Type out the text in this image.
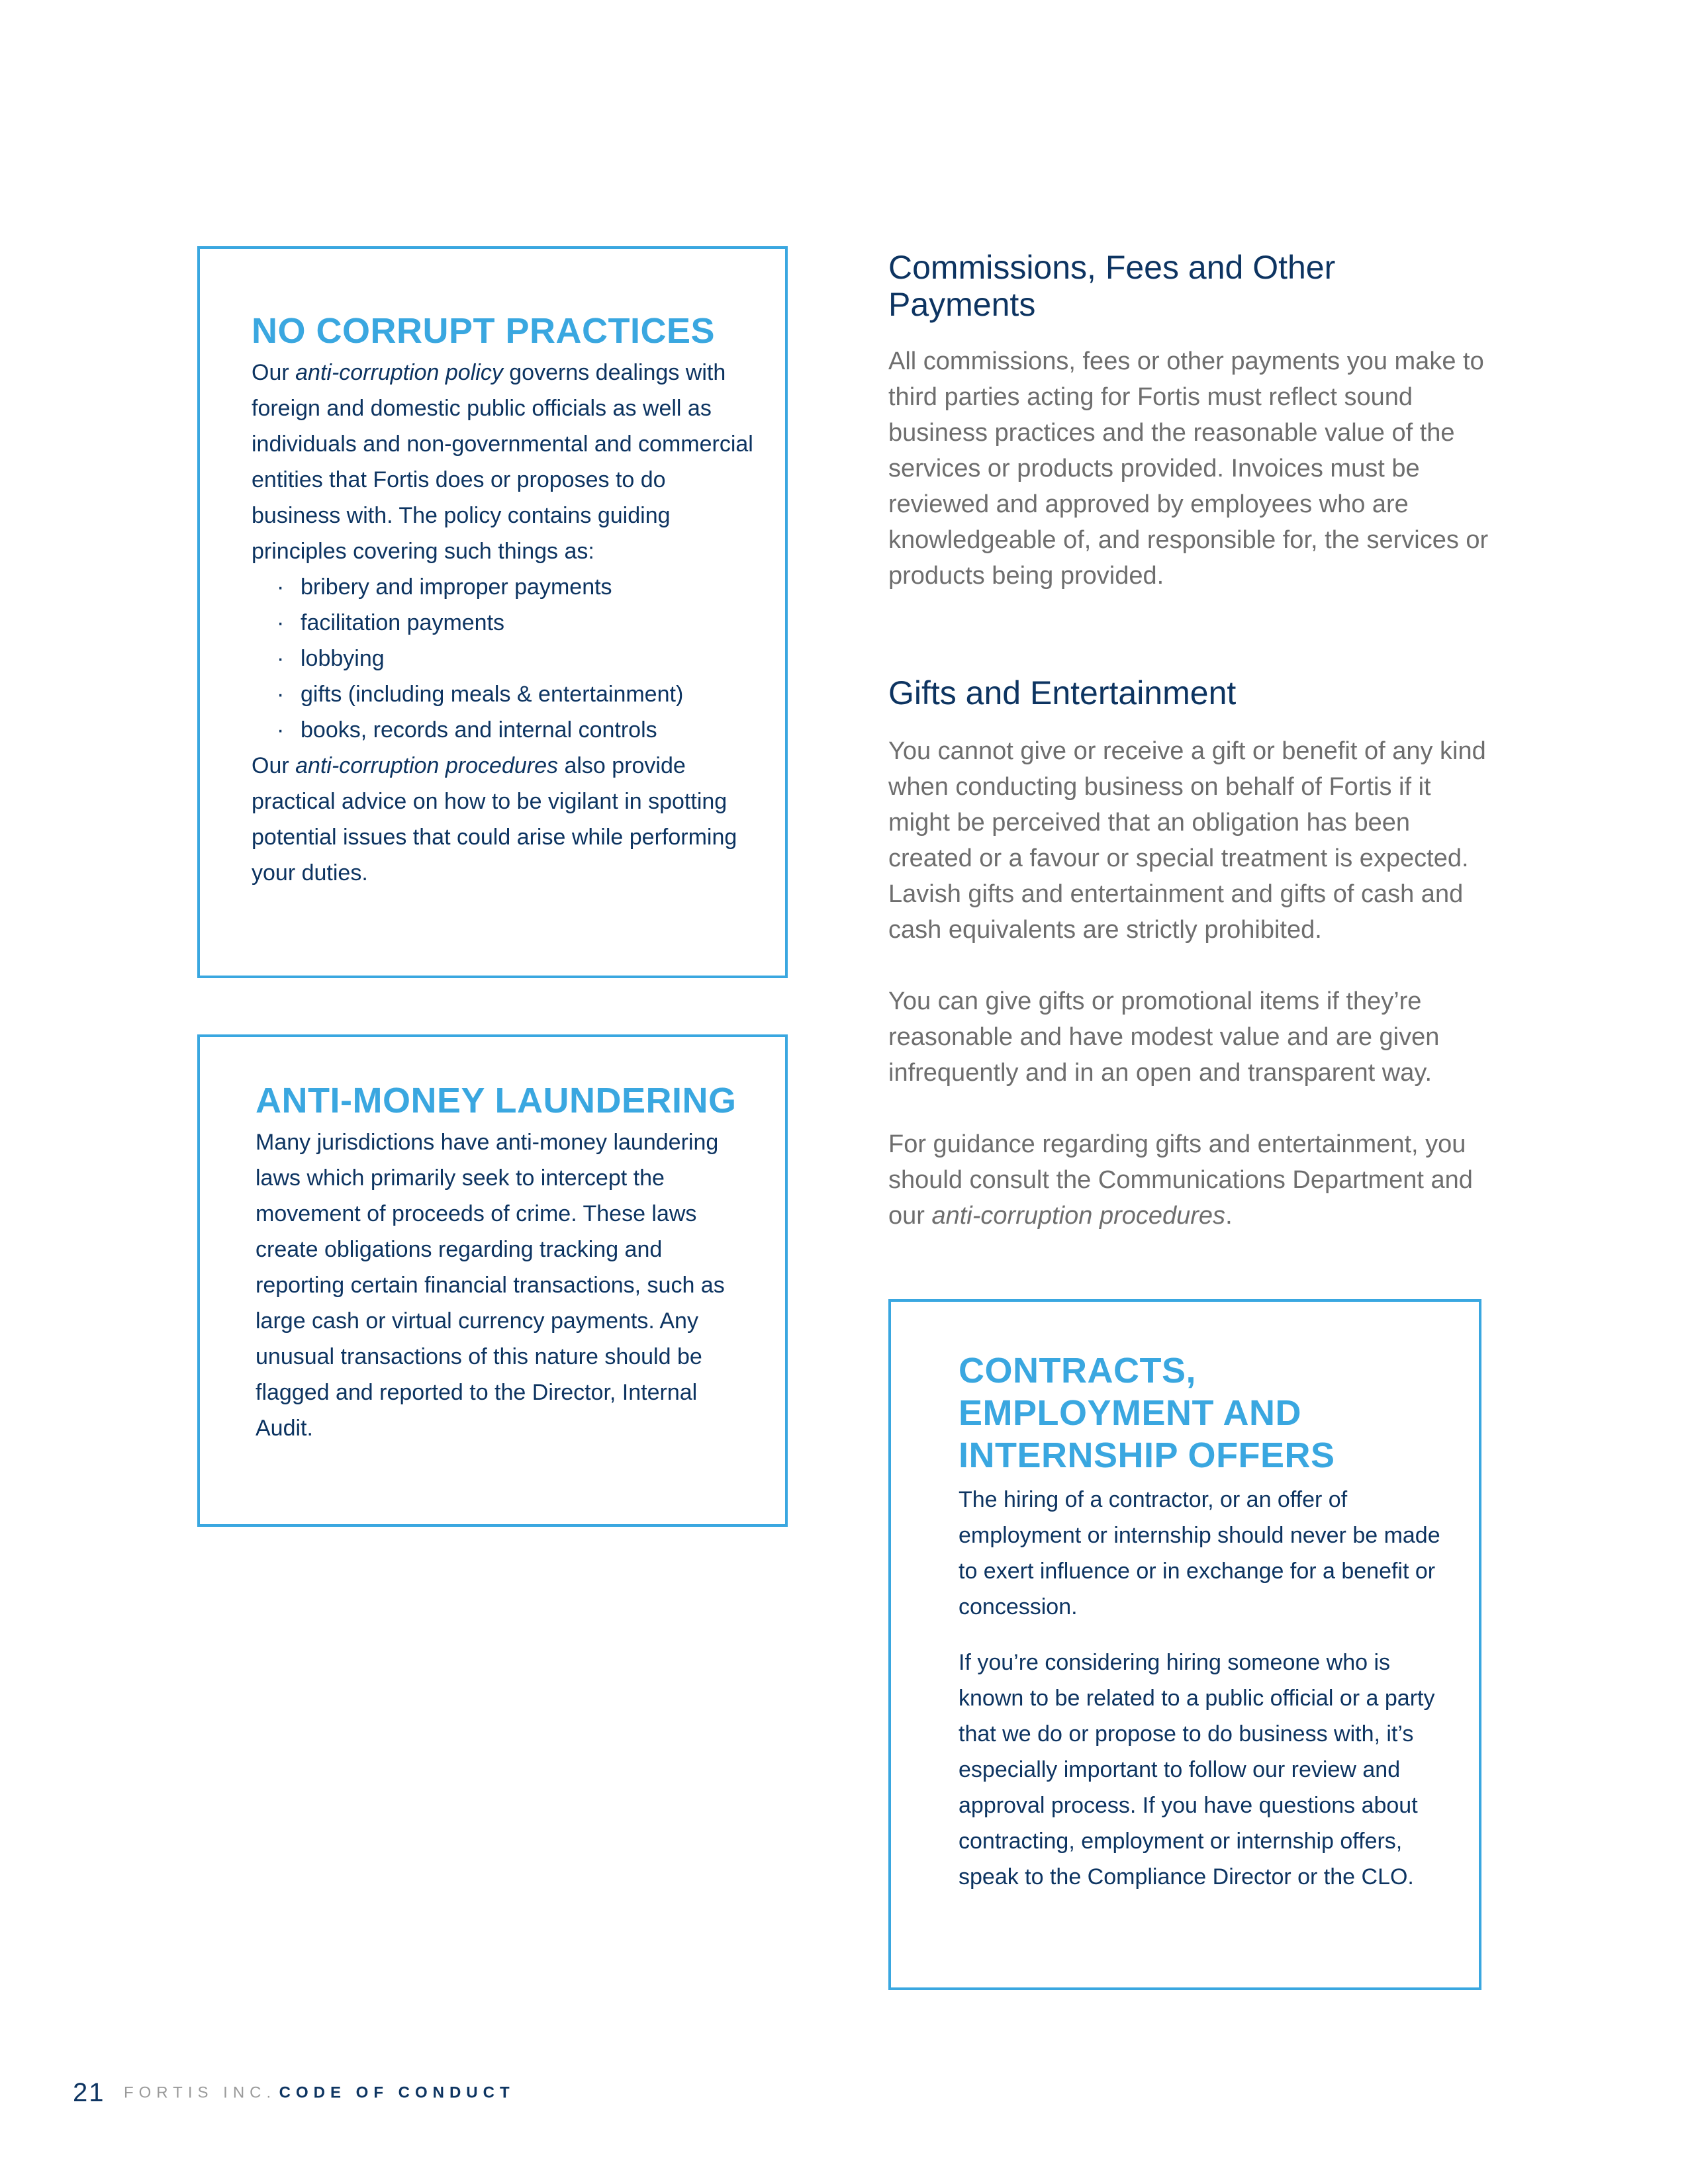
NO CORRUPT PRACTICES

Our anti-corruption policy governs dealings with foreign and domestic public officials as well as individuals and non-governmental and commercial entities that Fortis does or proposes to do business with. The policy contains guiding principles covering such things as:

· bribery and improper payments
· facilitation payments
· lobbying
· gifts (including meals & entertainment)
· books, records and internal controls

Our anti-corruption procedures also provide practical advice on how to be vigilant in spotting potential issues that could arise while performing your duties.

ANTI-MONEY LAUNDERING

Many jurisdictions have anti-money laundering laws which primarily seek to intercept the movement of proceeds of crime. These laws create obligations regarding tracking and reporting certain financial transactions, such as large cash or virtual currency payments. Any unusual transactions of this nature should be flagged and reported to the Director, Internal Audit.

Commissions, Fees and Other Payments

All commissions, fees or other payments you make to third parties acting for Fortis must reflect sound business practices and the reasonable value of the services or products provided. Invoices must be reviewed and approved by employees who are knowledgeable of, and responsible for, the services or products being provided.

Gifts and Entertainment

You cannot give or receive a gift or benefit of any kind when conducting business on behalf of Fortis if it might be perceived that an obligation has been created or a favour or special treatment is expected. Lavish gifts and entertainment and gifts of cash and cash equivalents are strictly prohibited.

You can give gifts or promotional items if they’re reasonable and have modest value and are given infrequently and in an open and transparent way.

For guidance regarding gifts and entertainment, you should consult the Communications Department and our anti-corruption procedures.

CONTRACTS, EMPLOYMENT AND INTERNSHIP OFFERS

The hiring of a contractor, or an offer of employment or internship should never be made to exert influence or in exchange for a benefit or concession.

If you’re considering hiring someone who is known to be related to a public official or a party that we do or propose to do business with, it’s especially important to follow our review and approval process. If you have questions about contracting, employment or internship offers, speak to the Compliance Director or the CLO.

21 FORTIS INC. CODE OF CONDUCT
